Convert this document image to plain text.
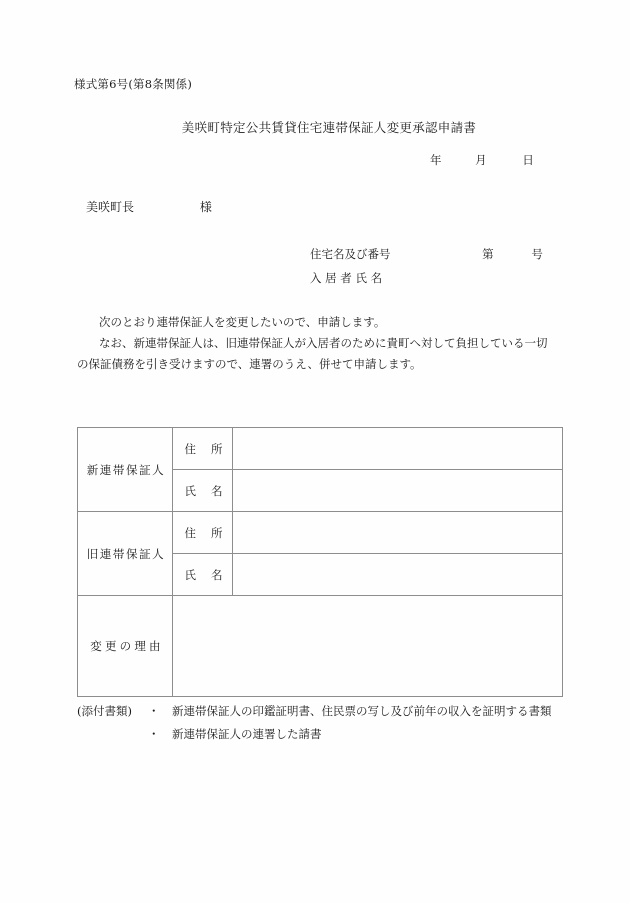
様式第6号(第8条関係)
美咲町特定公共賃貸住宅連帯保証人変更承認申請書
年	月	日
美咲町長	様
住宅名及び番号	第	号
入 居 者 氏 名

次のとおり連帯保証人を変更したいので、申請します。

なお、新連帯保証人は、旧連帯保証人が入居者のために貴町へ対して負担している一切

の保証債務を引き受けますので、連署のうえ、併せて申請します。

新連帯保証人	住 所	
	氏 名	
旧連帯保証人	住 所	
	氏 名	
変更の理由		
(添付書類) ・ 新連帯保証人の印鑑証明書、住民票の写し及び前年の収入を証明する書類
・ 新連帯保証人の連署した請書
